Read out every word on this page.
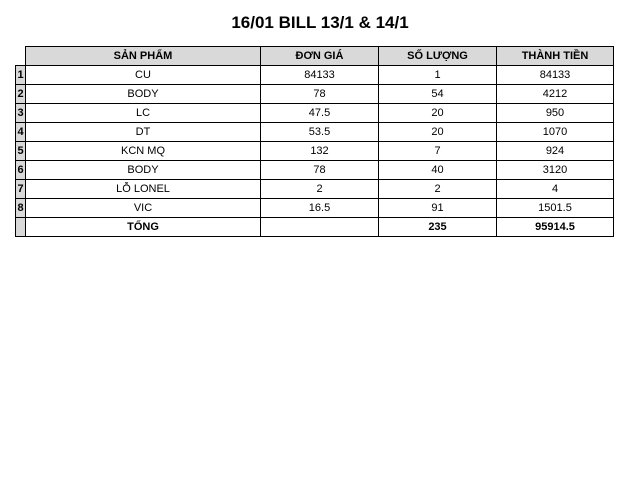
16/01 BILL 13/1 & 14/1
	SẢN PHẨM	ĐƠN GIÁ	SỐ LƯỢNG	THÀNH TIỀN
1	CU	84133	1	84133
2	BODY	78	54	4212
3	LC	47.5	20	950
4	DT	53.5	20	1070
5	KCN MQ	132	7	924
6	BODY	78	40	3120
7	LỖ LONEL	2	2	4
8	VIC	16.5	91	1501.5
	TỔNG		235	95914.5
